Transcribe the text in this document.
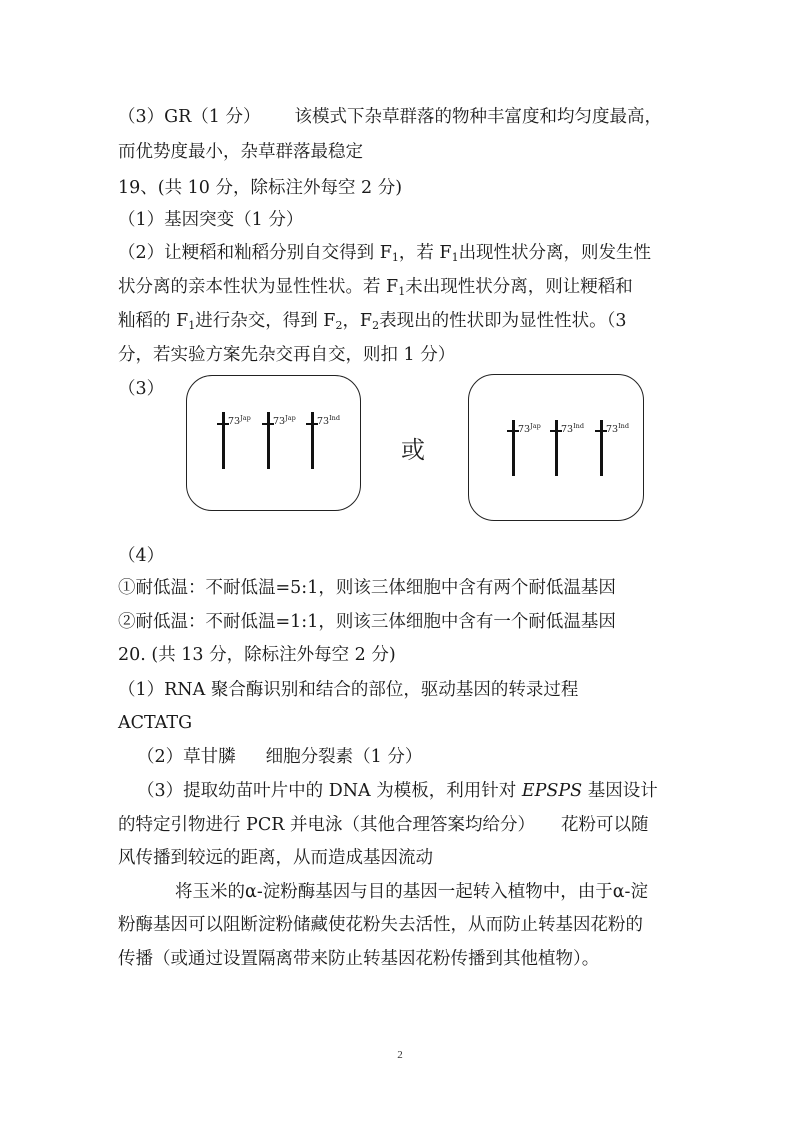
（3）GR（1 分） 该模式下杂草群落的物种丰富度和均匀度最高，
而优势度最小，杂草群落最稳定
19、(共 10 分，除标注外每空 2 分)
（1）基因突变（1 分）
（2）让粳稻和籼稻分别自交得到 $F_1$，若 $F_1$出现性状分离，则发生性
状分离的亲本性状为显性性状。若 $F_1$未出现性状分离，则让粳稻和
籼稻的 $F_1$进行杂交，得到 $F_2$，$F_2$表现出的性状即为显性性状。（3
分，若实验方案先杂交再自交，则扣 1 分）
（3）
$73^{Jap}$ $73^{Jap}$ $73^{Ind}$
或
$73^{Jap}$ $73^{Ind}$ $73^{Ind}$
（4）
①耐低温：不耐低温=5:1，则该三体细胞中含有两个耐低温基因
②耐低温：不耐低温=1:1，则该三体细胞中含有一个耐低温基因
20. (共 13 分，除标注外每空 2 分)
（1）RNA 聚合酶识别和结合的部位，驱动基因的转录过程
ACTATG
（2）草甘膦 细胞分裂素（1 分）
（3）提取幼苗叶片中的 DNA 为模板，利用针对 EPSPS 基因设计
的特定引物进行 PCR 并电泳（其他合理答案均给分） 花粉可以随
风传播到较远的距离，从而造成基因流动
将玉米的α-淀粉酶基因与目的基因一起转入植物中，由于α-淀
粉酶基因可以阻断淀粉储藏使花粉失去活性，从而防止转基因花粉的
传播（或通过设置隔离带来防止转基因花粉传播到其他植物）。
2
